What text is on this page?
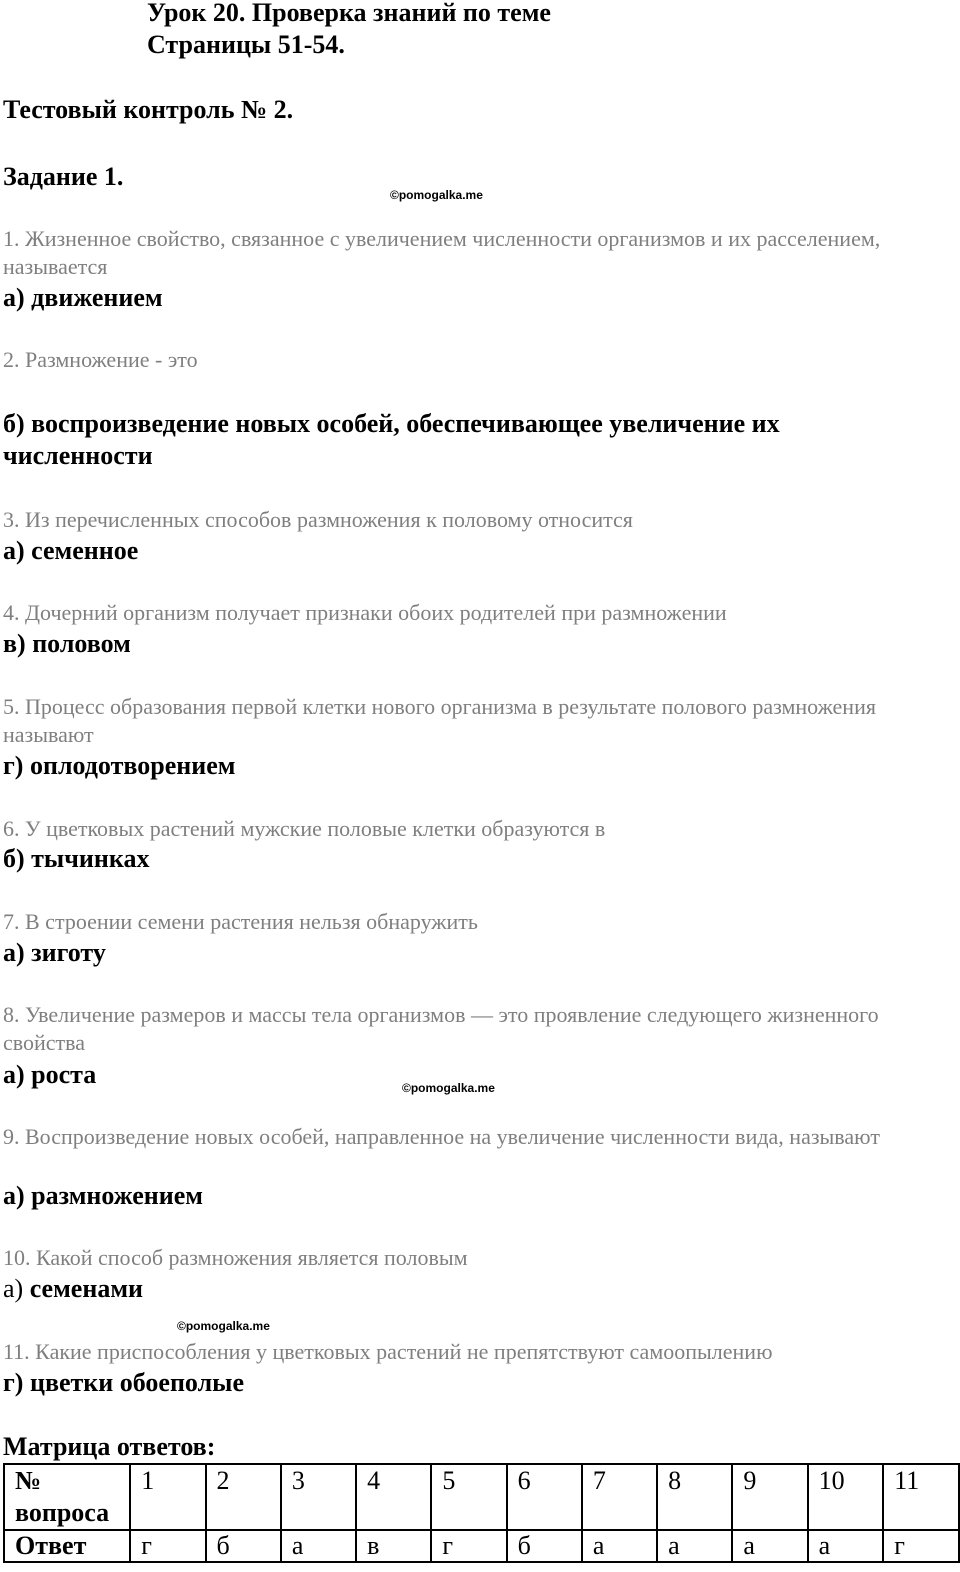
Урок 20. Проверка знаний по теме
Страницы 51-54.
Тестовый контроль № 2.
Задание 1.
©pomogalka.me
1. Жизненное свойство, связанное с увеличением численности организмов и их расселением, называется
а) движением
2. Размножение - это
б) воспроизведение новых особей, обеспечивающее увеличение их численности
3. Из перечисленных способов размножения к половому относится
а) семенное
4. Дочерний организм получает признаки обоих родителей при размножении
в) половом
5. Процесс образования первой клетки нового организма в результате полового размножения называют
г) оплодотворением
6. У цветковых растений мужские половые клетки образуются в
б) тычинках
7. В строении семени растения нельзя обнаружить
а) зиготу
8. Увеличение размеров и массы тела организмов — это проявление следующего жизненного свойства
а) роста	©pomogalka.me
9. Воспроизведение новых особей, направленное на увеличение численности вида, называют
а) размножением
10. Какой способ размножения является половым
а) семенами
©pomogalka.me
11. Какие приспособления у цветковых растений не препятствуют самоопылению
г) цветки обоеполые
Матрица ответов:
№ вопроса	1	2	3	4	5	6	7	8	9	10	11
Ответ	г	б	а	в	г	б	а	а	а	а	г
